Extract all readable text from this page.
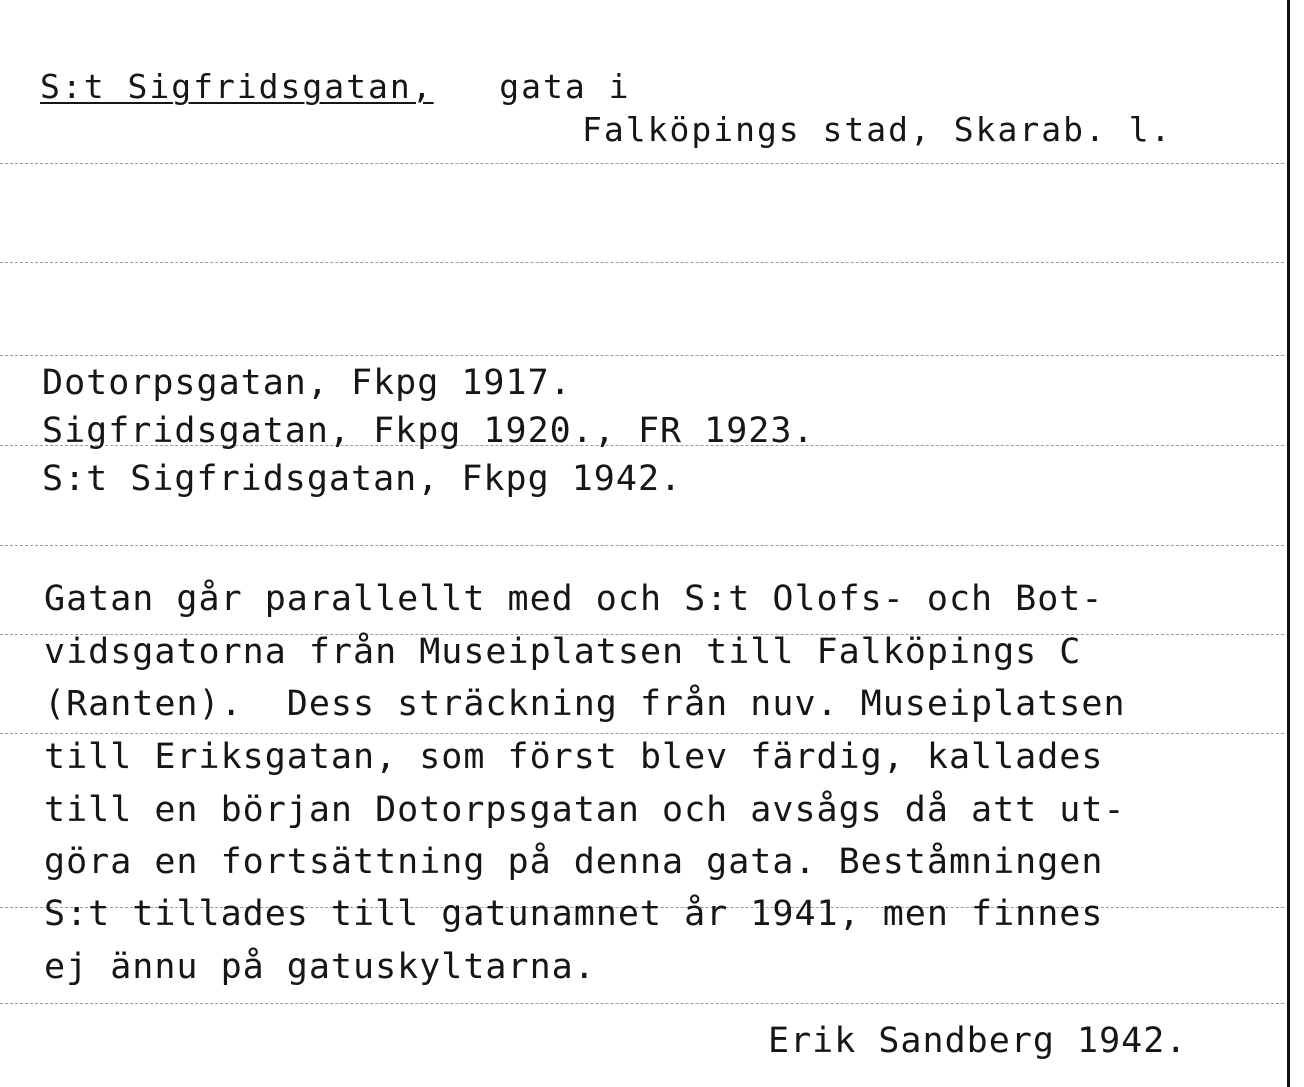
S:t Sigfridsgatan, gata i

Falköpings stad, Skarab. l.

Dotorpsgatan, Fkpg 1917.

Sigfridsgatan, Fkpg 1920., FR 1923.

S:t Sigfridsgatan, Fkpg 1942.

Gatan går parallellt med och S:t Olofs- och Bot-

vidsgatorna från Museiplatsen till Falköpings C

(Ranten).  Dess sträckning från nuv. Museiplatsen

till Eriksgatan, som först blev färdig, kallades

till en början Dotorpsgatan och avsågs då att ut-

göra en fortsättning på denna gata. Beståmningen

S:t tillades till gatunamnet år 1941, men finnes

ej ännu på gatuskyltarna.

Erik Sandberg 1942.
